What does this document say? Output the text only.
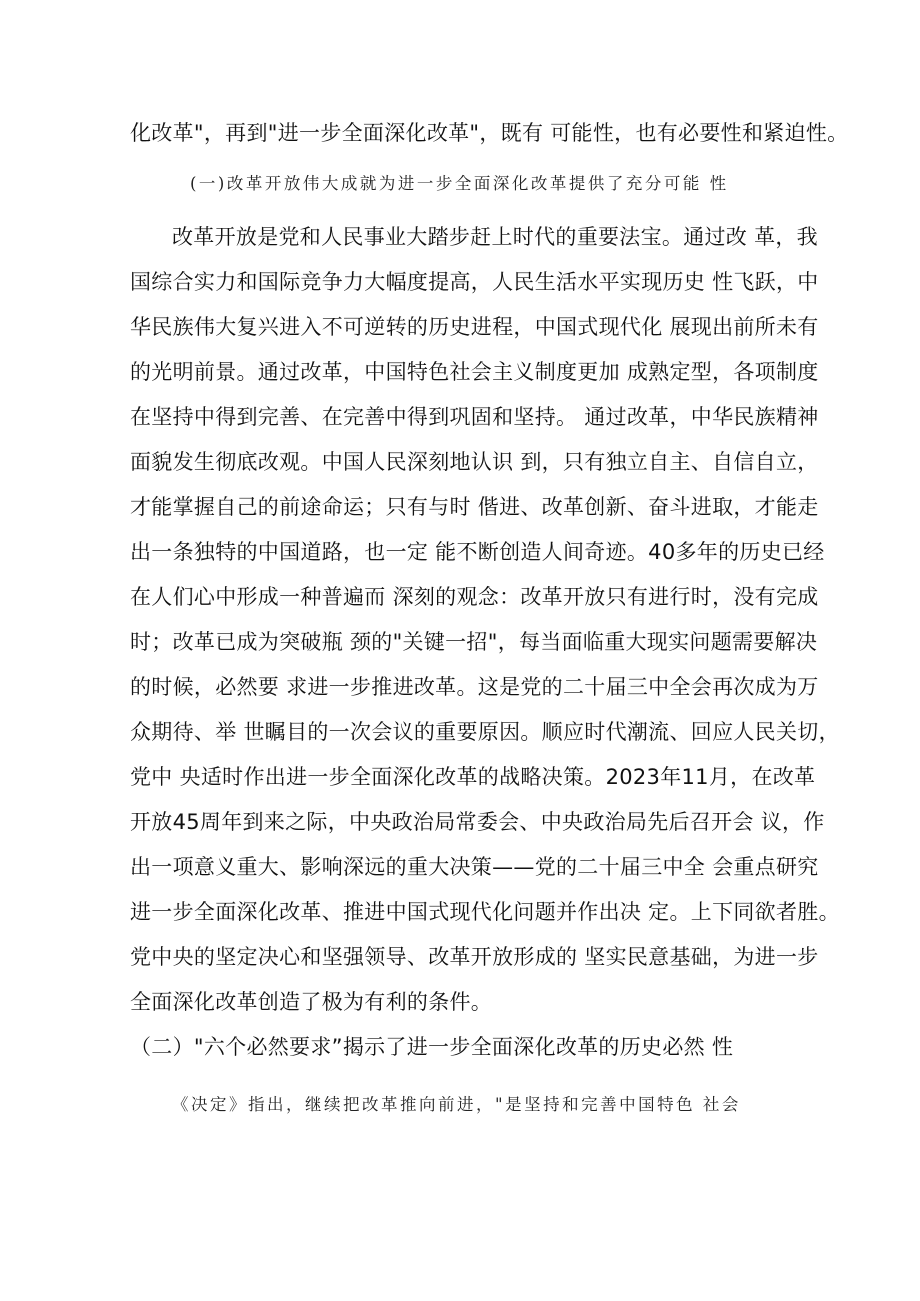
化改革"，再到"进一步全面深化改革"，既有 可能性，也有必要性和紧迫性。
(一)改革开放伟大成就为进一步全面深化改革提供了充分可能 性
改革开放是党和人民事业大踏步赶上时代的重要法宝。通过改 革，我
国综合实力和国际竞争力大幅度提高，人民生活水平实现历史 性飞跃，中
华民族伟大复兴进入不可逆转的历史进程，中国式现代化 展现出前所未有
的光明前景。通过改革，中国特色社会主义制度更加 成熟定型，各项制度
在坚持中得到完善、在完善中得到巩固和坚持。 通过改革，中华民族精神
面貌发生彻底改观。中国人民深刻地认识 到，只有独立自主、自信自立，
才能掌握自己的前途命运；只有与时 偕进、改革创新、奋斗进取，才能走
出一条独特的中国道路，也一定 能不断创造人间奇迹。40多年的历史已经
在人们心中形成一种普遍而 深刻的观念：改革开放只有进行时，没有完成
时；改革已成为突破瓶 颈的"关键一招"，每当面临重大现实问题需要解决
的时候，必然要 求进一步推进改革。这是党的二十届三中全会再次成为万
众期待、举 世瞩目的一次会议的重要原因。顺应时代潮流、回应人民关切，
党中 央适时作出进一步全面深化改革的战略决策。2023年11月，在改革
开放45周年到来之际，中央政治局常委会、中央政治局先后召开会 议，作
出一项意义重大、影响深远的重大决策——党的二十届三中全 会重点研究
进一步全面深化改革、推进中国式现代化问题并作出决 定。上下同欲者胜。
党中央的坚定决心和坚强领导、改革开放形成的 坚实民意基础，为进一步
全面深化改革创造了极为有利的条件。
（二）"六个必然要求”揭示了进一步全面深化改革的历史必然 性
《决定》指出，继续把改革推向前进，"是坚持和完善中国特色 社会
